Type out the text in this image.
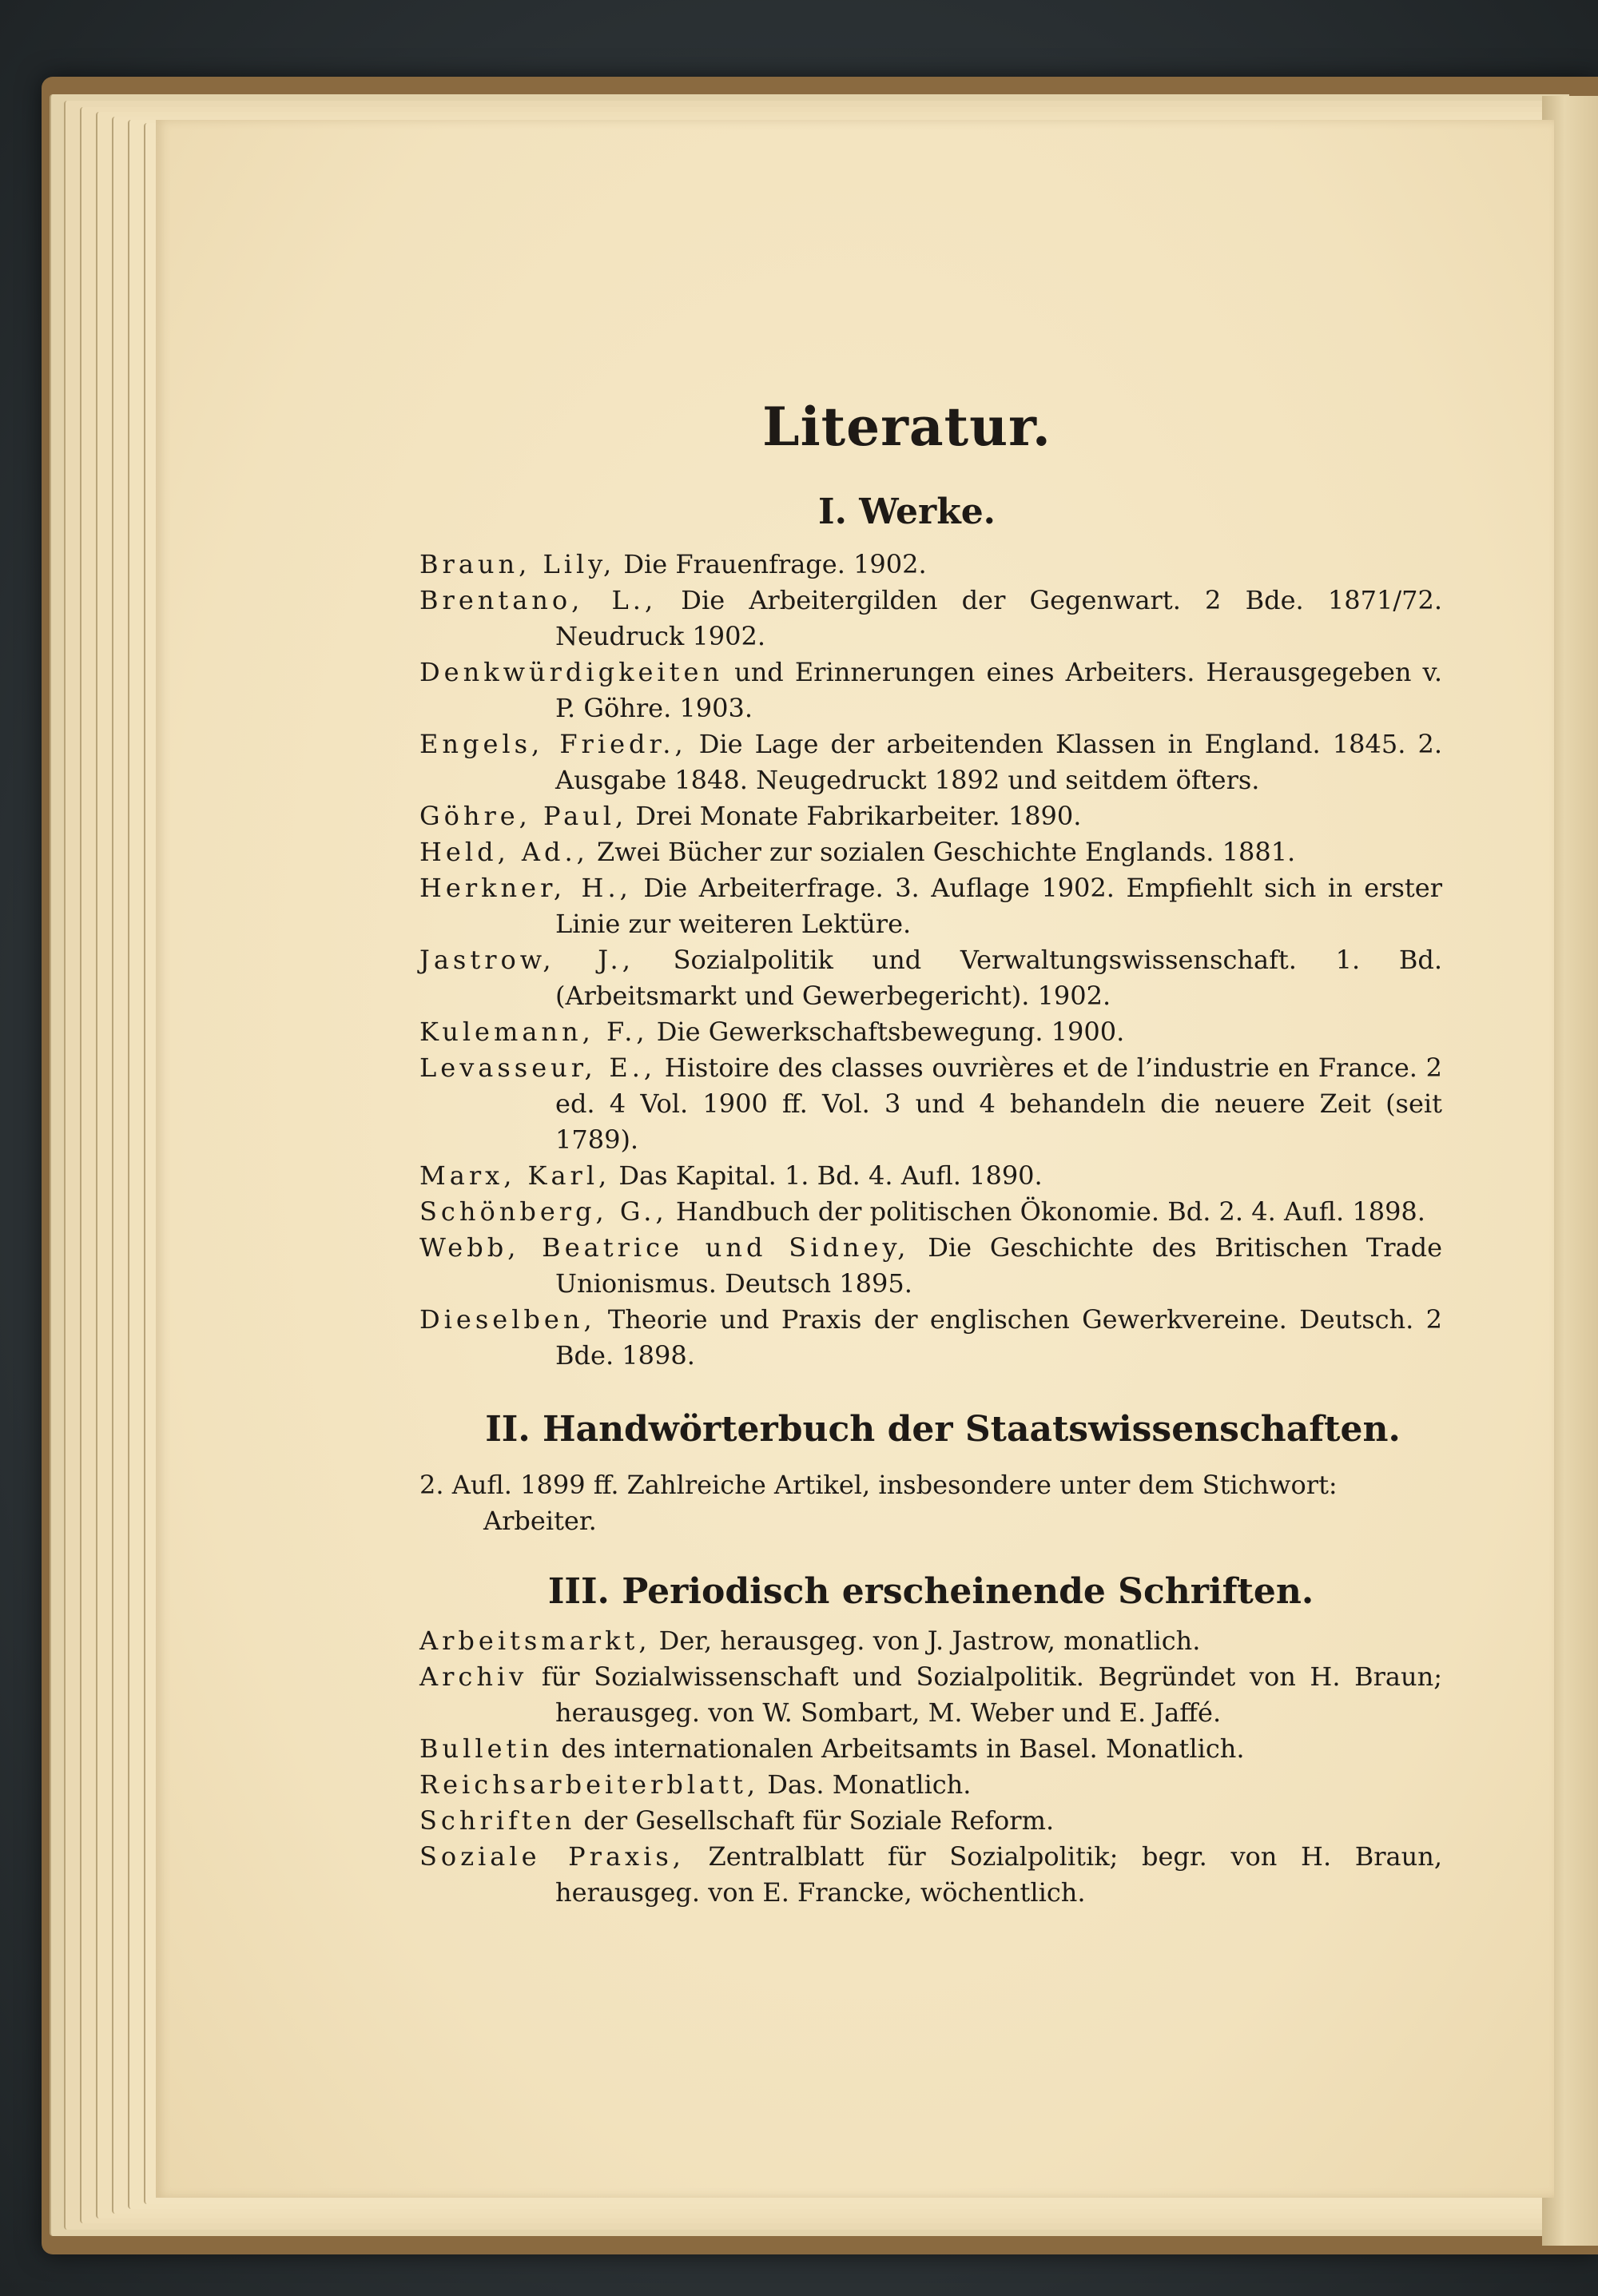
Literatur.
I. Werke.
Braun, Lily, Die Frauenfrage. 1902.
Brentano, L., Die Arbeitergilden der Gegenwart. 2 Bde. 1871/72. Neudruck 1902.
Denkwürdigkeiten und Erinnerungen eines Arbeiters. Herausgegeben v. P. Göhre. 1903.
Engels, Friedr., Die Lage der arbeitenden Klassen in England. 1845. 2. Ausgabe 1848. Neugedruckt 1892 und seitdem öfters.
Göhre, Paul, Drei Monate Fabrikarbeiter. 1890.
Held, Ad., Zwei Bücher zur sozialen Geschichte Englands. 1881.
Herkner, H., Die Arbeiterfrage. 3. Auflage 1902. Empfiehlt sich in erster Linie zur weiteren Lektüre.
Jastrow, J., Sozialpolitik und Verwaltungswissenschaft. 1. Bd. (Arbeitsmarkt und Gewerbegericht). 1902.
Kulemann, F., Die Gewerkschaftsbewegung. 1900.
Levasseur, E., Histoire des classes ouvrières et de l’industrie en France. 2 ed. 4 Vol. 1900 ff. Vol. 3 und 4 behandeln die neuere Zeit (seit 1789).
Marx, Karl, Das Kapital. 1. Bd. 4. Aufl. 1890.
Schönberg, G., Handbuch der politischen Ökonomie. Bd. 2. 4. Aufl. 1898.
Webb, Beatrice und Sidney, Die Geschichte des Britischen Trade Unionismus. Deutsch 1895.
Dieselben, Theorie und Praxis der englischen Gewerkvereine. Deutsch. 2 Bde. 1898.
II. Handwörterbuch der Staatswissenschaften.

2. Aufl. 1899 ff. Zahlreiche Artikel, insbesondere unter dem Stichwort: Arbeiter.

III. Periodisch erscheinende Schriften.
Arbeitsmarkt, Der, herausgeg. von J. Jastrow, monatlich.
Archiv für Sozialwissenschaft und Sozialpolitik. Begründet von H. Braun; herausgeg. von W. Sombart, M. Weber und E. Jaffé.
Bulletin des internationalen Arbeitsamts in Basel. Monatlich.
Reichsarbeiterblatt, Das. Monatlich.
Schriften der Gesellschaft für Soziale Reform.
Soziale Praxis, Zentralblatt für Sozialpolitik; begr. von H. Braun, herausgeg. von E. Francke, wöchentlich.
